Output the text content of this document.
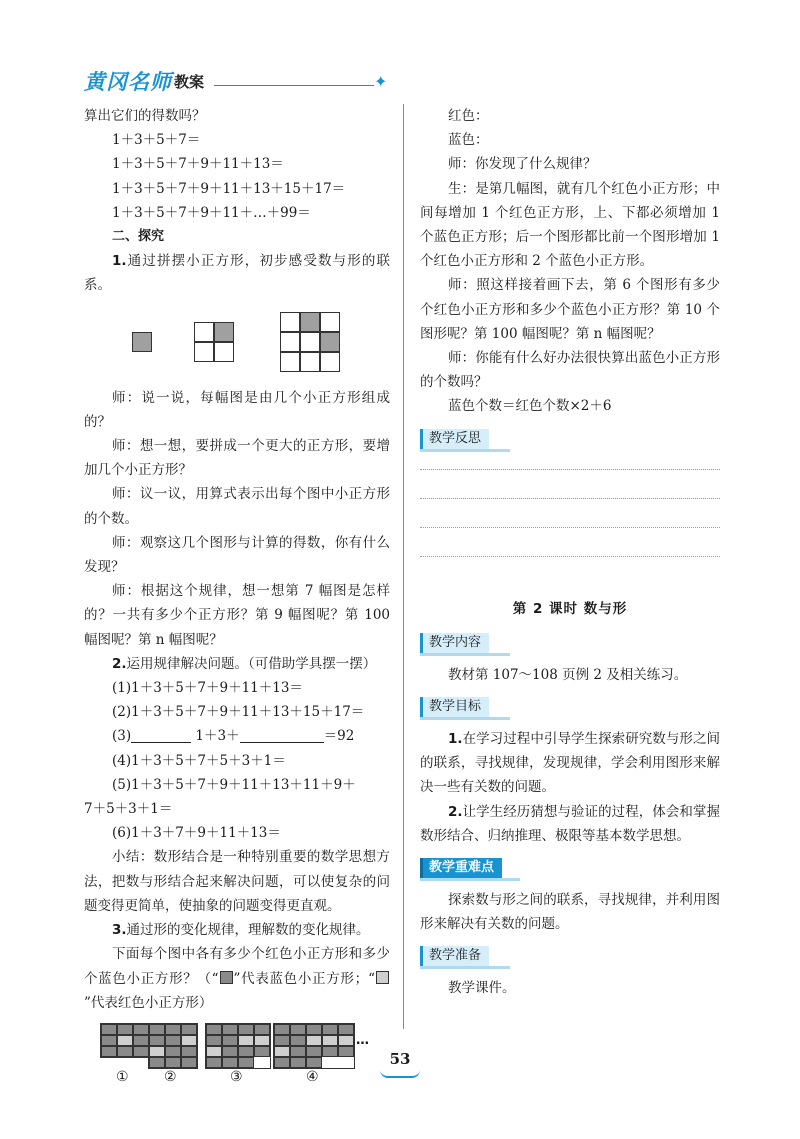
黄冈名师 教案	✦

算出它们的得数吗？

1＋3＋5＋7＝

1＋3＋5＋7＋9＋11＋13＝

1＋3＋5＋7＋9＋11＋13＋15＋17＝

1＋3＋5＋7＋9＋11＋…＋99＝

二、探究

1.通过拼摆小正方形，初步感受数与形的联系。

师：说一说，每幅图是由几个小正方形组成的？

师：想一想，要拼成一个更大的正方形，要增加几个小正方形？

师：议一议，用算式表示出每个图中小正方形的个数。

师：观察这几个图形与计算的得数，你有什么发现？

师：根据这个规律，想一想第 7 幅图是怎样的？一共有多少个正方形？第 9 幅图呢？第 100 幅图呢？第 n 幅图呢？

2.运用规律解决问题。（可借助学具摆一摆）

(1)1＋3＋5＋7＋9＋11＋13＝

(2)1＋3＋5＋7＋9＋11＋13＋15＋17＝

(3)	1＋3＋	＝92

(4)1＋3＋5＋7＋5＋3＋1＝

(5)1＋3＋5＋7＋9＋11＋13＋11＋9＋

7＋5＋3＋1＝

(6)1＋3＋7＋9＋11＋13＝

小结：数形结合是一种特别重要的数学思想方法，把数与形结合起来解决问题，可以使复杂的问题变得更简单，使抽象的问题变得更直观。

3.通过形的变化规律，理解数的变化规律。

下面每个图中各有多少个红色小正方形和多少个蓝色小正方形？（“ ”代表蓝色小正方形；“”代表红色小正方形）

…
①	②	③	④

红色：

蓝色：

师：你发现了什么规律？

生：是第几幅图，就有几个红色小正方形；中间每增加 1 个红色正方形，上、下都必须增加 1 个蓝色正方形；后一个图形都比前一个图形增加 1 个红色小正方形和 2 个蓝色小正方形。

师：照这样接着画下去，第 6 个图形有多少个红色小正方形和多少个蓝色小正方形？第 10 个图形呢？第 100 幅图呢？第 n 幅图呢？

师：你能有什么好办法很快算出蓝色小正方形的个数吗？

蓝色个数＝红色个数×2＋6

教学反思

第 2 课时 数与形

教学内容

教材第 107～108 页例 2 及相关练习。

教学目标

1.在学习过程中引导学生探索研究数与形之间的联系，寻找规律，发现规律，学会利用图形来解决一些有关数的问题。

2.让学生经历猜想与验证的过程，体会和掌握数形结合、归纳推理、极限等基本数学思想。

教学重难点

探索数与形之间的联系，寻找规律，并利用图形来解决有关数的问题。

教学准备

教学课件。

53
